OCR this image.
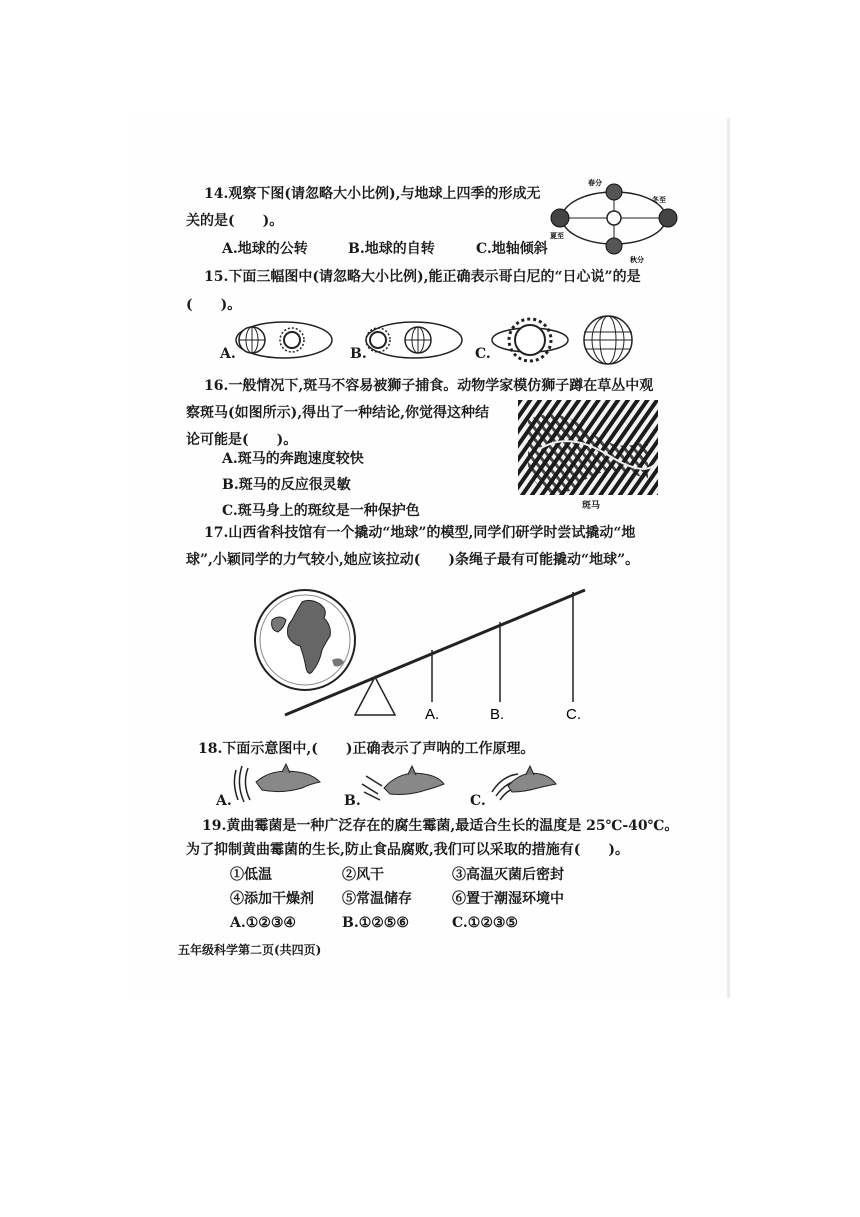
14.观察下图(请忽略大小比例),与地球上四季的形成无
关的是(　　)。
A.地球的公转	B.地球的自转	C.地轴倾斜
春分
冬至
夏至
秋分
15.下面三幅图中(请忽略大小比例),能正确表示哥白尼的“日心说”的是
(　　)。
A.	B.	C.
16.一般情况下,斑马不容易被狮子捕食。动物学家模仿狮子蹲在草丛中观
察斑马(如图所示),得出了一种结论,你觉得这种结
论可能是(　　)。
A.斑马的奔跑速度较快
B.斑马的反应很灵敏
C.斑马身上的斑纹是一种保护色	斑马
17.山西省科技馆有一个撬动“地球”的模型,同学们研学时尝试撬动“地
球”,小颖同学的力气较小,她应该拉动(　　)条绳子最有可能撬动“地球”。
A.	B.	C.
18.下面示意图中,(　　)正确表示了声呐的工作原理。
A.	B.	C.
19.黄曲霉菌是一种广泛存在的腐生霉菌,最适合生长的温度是 25℃-40℃。
为了抑制黄曲霉菌的生长,防止食品腐败,我们可以采取的措施有(　　)。
①低温	②风干	③高温灭菌后密封
④添加干燥剂 ⑤常温储存	⑥置于潮湿环境中
A.①②③④	B.①②⑤⑥	C.①②③⑤
五年级科学第二页(共四页)
